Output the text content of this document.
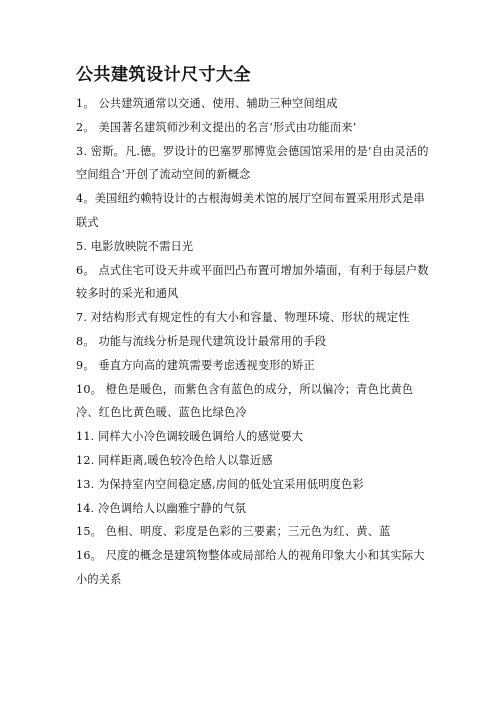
公共建筑设计尺寸大全
1。 公共建筑通常以交通、使用、辅助三种空间组成
2。 美国著名建筑师沙利文提出的名言‘形式由功能而来’
3. 密斯。凡.德。罗设计的巴塞罗那博览会德国馆采用的是‘自由灵活的空间组合’开创了流动空间的新概念
4。美国纽约赖特设计的古根海姆美术馆的展厅空间布置采用形式是串联式
5. 电影放映院不需日光
6。 点式住宅可设天井或平面凹凸布置可增加外墙面，有利于每层户数较多时的采光和通风
7. 对结构形式有规定性的有大小和容量、物理环境、形状的规定性
8。 功能与流线分析是现代建筑设计最常用的手段
9。 垂直方向高的建筑需要考虑透视变形的矫正
10。 橙色是暖色，而紫色含有蓝色的成分，所以偏冷；青色比黄色冷、红色比黄色暖、蓝色比绿色冷
11. 同样大小冷色调较暖色调给人的感觉要大
12. 同样距离,暖色较冷色给人以靠近感
13. 为保持室内空间稳定感,房间的低处宜采用低明度色彩
14. 冷色调给人以幽雅宁静的气氛
15。 色相、明度、彩度是色彩的三要素；三元色为红、黄、蓝
16。 尺度的概念是建筑物整体或局部给人的视角印象大小和其实际大小的关系
